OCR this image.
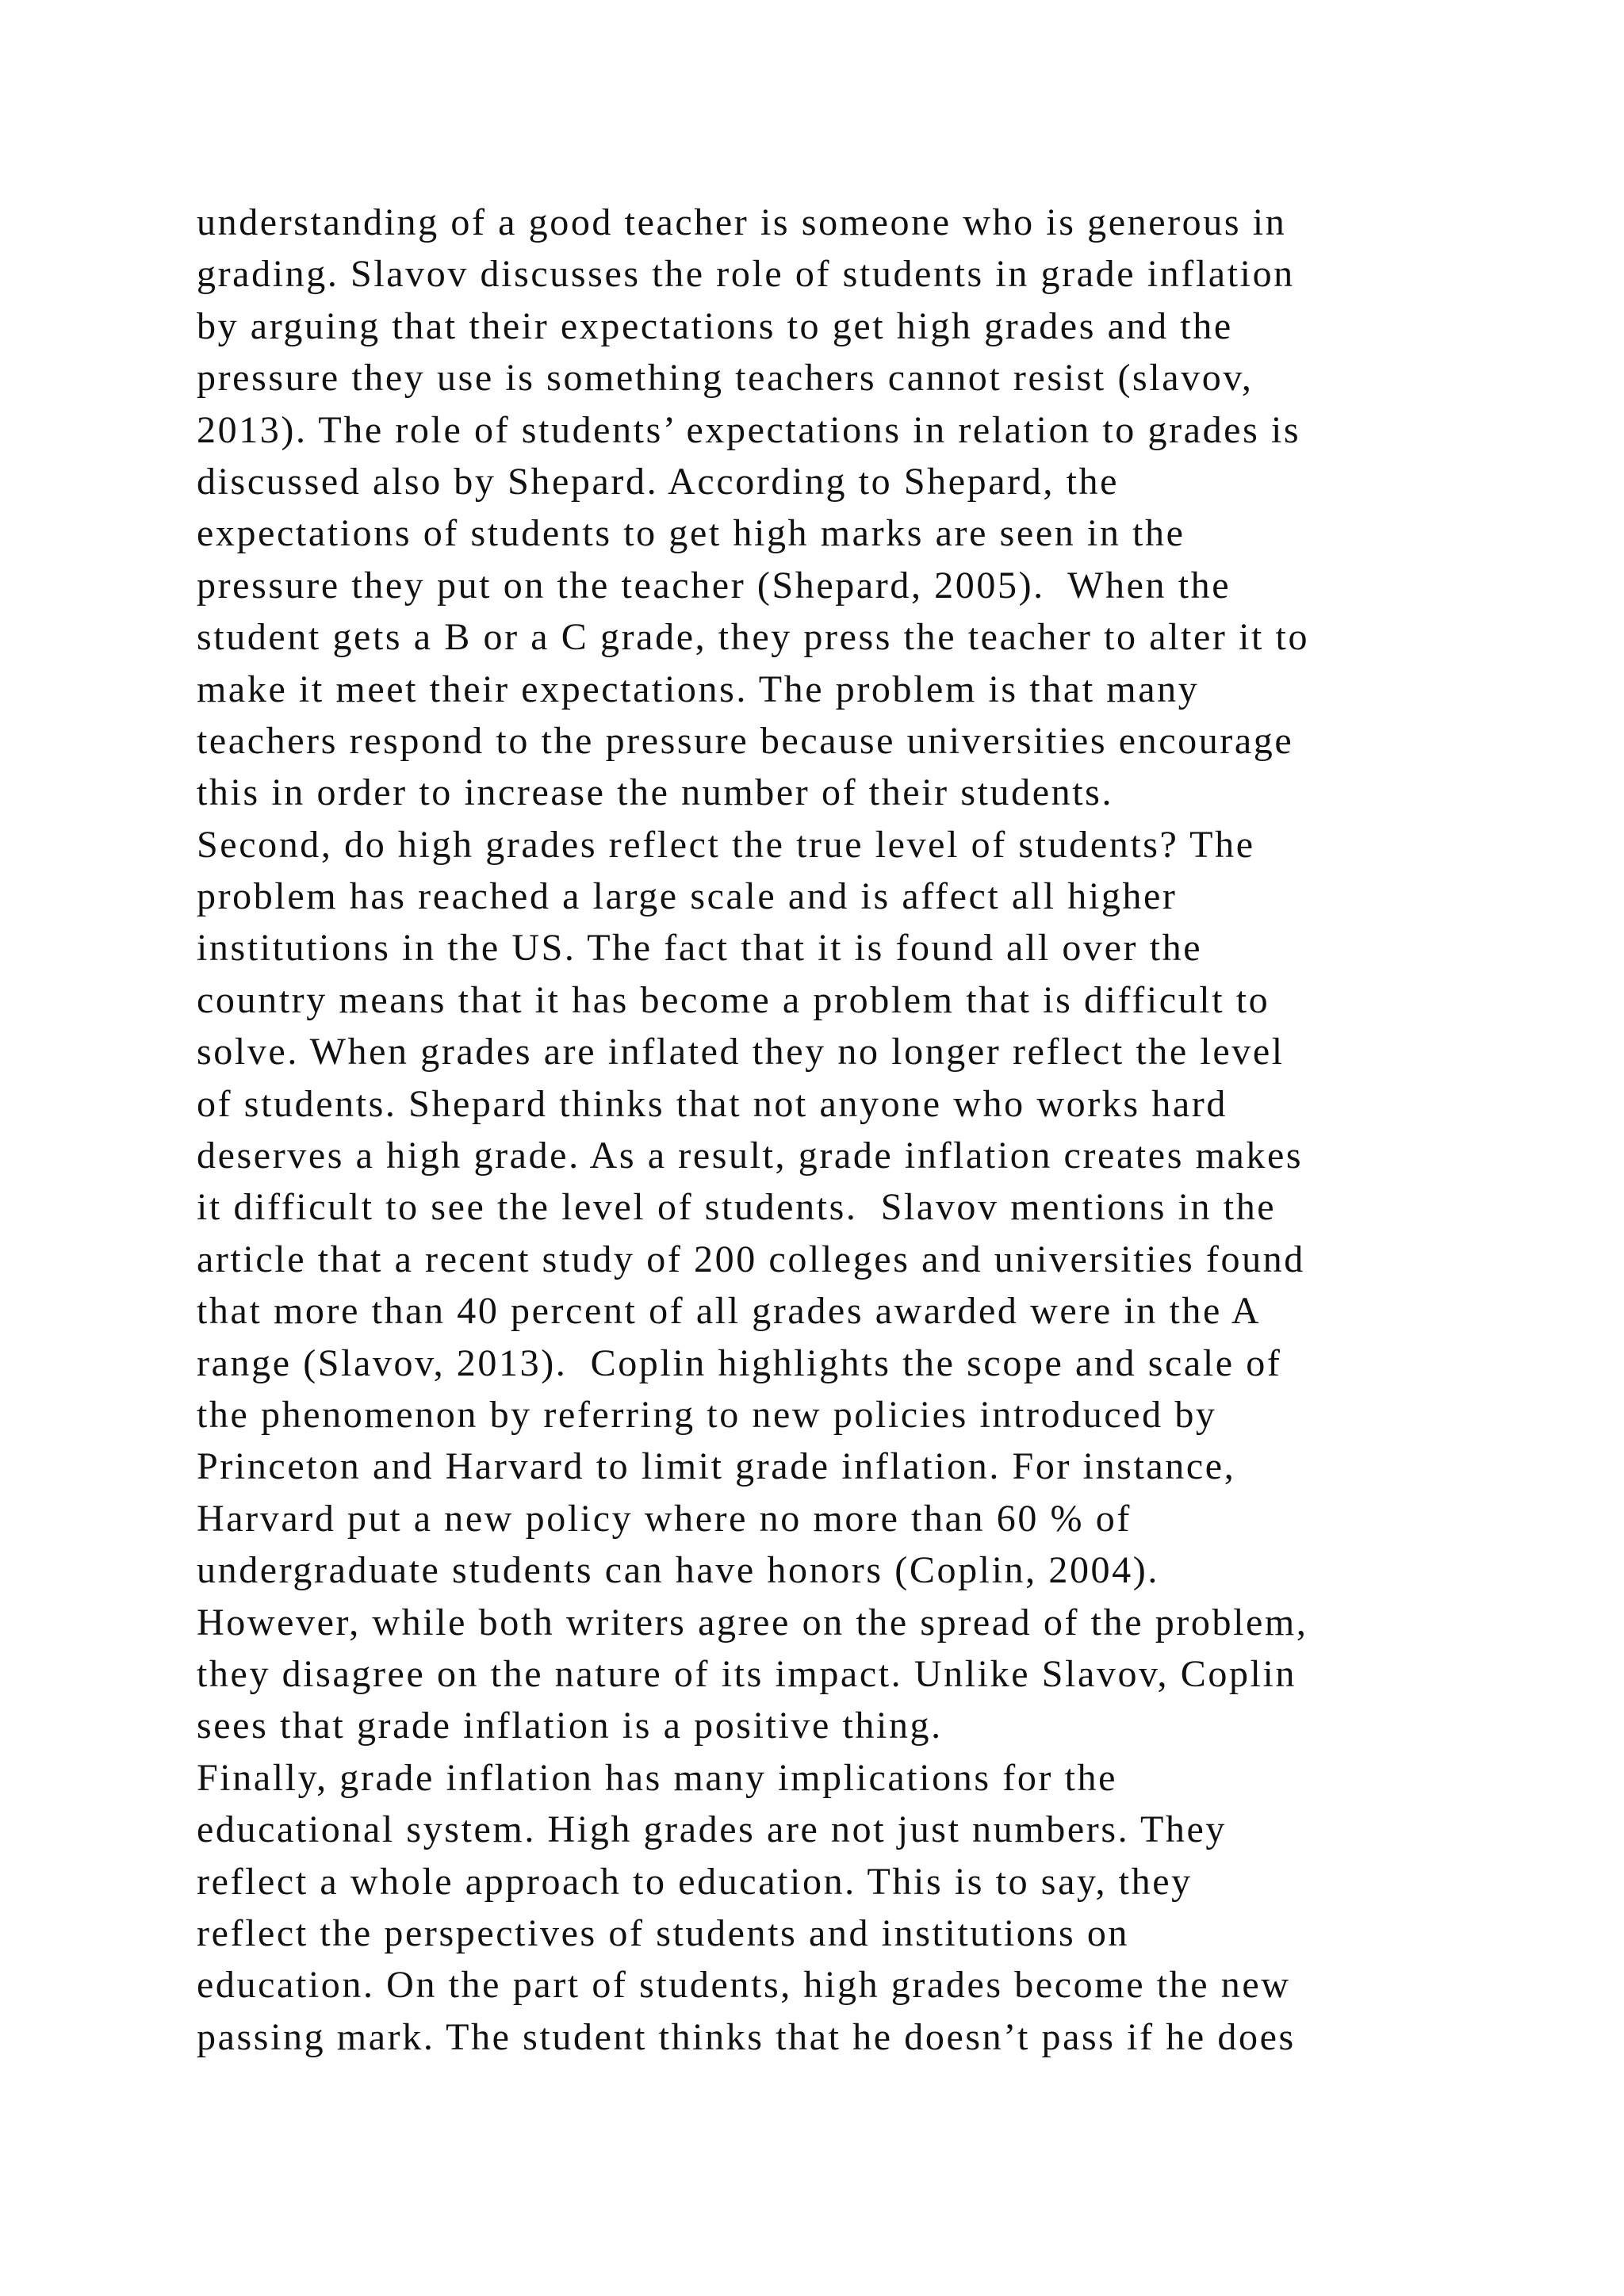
understanding of a good teacher is someone who is generous in
grading. Slavov discusses the role of students in grade inflation
by arguing that their expectations to get high grades and the
pressure they use is something teachers cannot resist (slavov,
2013). The role of students’ expectations in relation to grades is
discussed also by Shepard. According to Shepard, the
expectations of students to get high marks are seen in the
pressure they put on the teacher (Shepard, 2005).  When the
student gets a B or a C grade, they press the teacher to alter it to
make it meet their expectations. The problem is that many
teachers respond to the pressure because universities encourage
this in order to increase the number of their students.
Second, do high grades reflect the true level of students? The
problem has reached a large scale and is affect all higher
institutions in the US. The fact that it is found all over the
country means that it has become a problem that is difficult to
solve. When grades are inflated they no longer reflect the level
of students. Shepard thinks that not anyone who works hard
deserves a high grade. As a result, grade inflation creates makes
it difficult to see the level of students.  Slavov mentions in the
article that a recent study of 200 colleges and universities found
that more than 40 percent of all grades awarded were in the A
range (Slavov, 2013).  Coplin highlights the scope and scale of
the phenomenon by referring to new policies introduced by
Princeton and Harvard to limit grade inflation. For instance,
Harvard put a new policy where no more than 60 % of
undergraduate students can have honors (Coplin, 2004).
However, while both writers agree on the spread of the problem,
they disagree on the nature of its impact. Unlike Slavov, Coplin
sees that grade inflation is a positive thing.
Finally, grade inflation has many implications for the
educational system. High grades are not just numbers. They
reflect a whole approach to education. This is to say, they
reflect the perspectives of students and institutions on
education. On the part of students, high grades become the new
passing mark. The student thinks that he doesn’t pass if he does
